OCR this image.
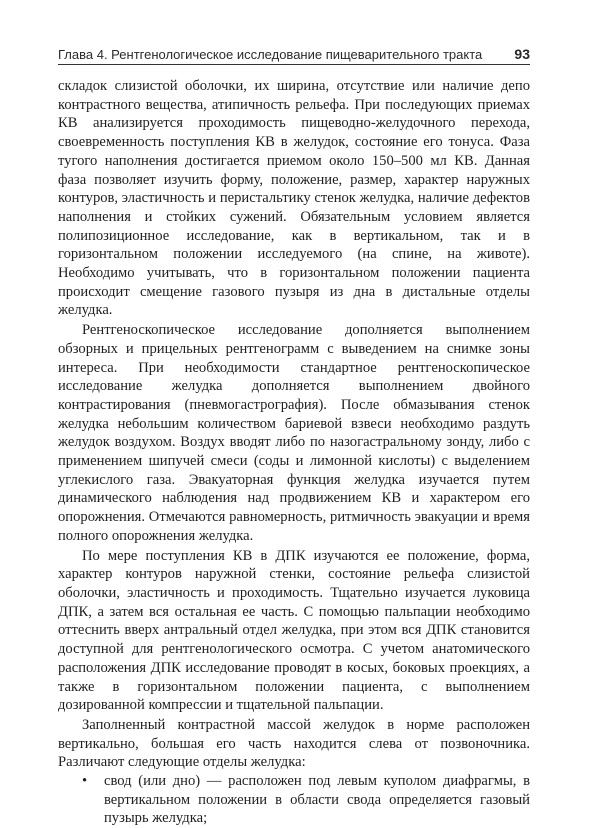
Глава 4. Рентгенологическое исследование пищеварительного тракта 93

складок слизистой оболочки, их ширина, отсутствие или наличие депо контрастного вещества, атипичность рельефа. При последующих приемах КВ анализируется проходимость пищеводно-желудочного перехода, своевременность поступления КВ в желудок, состояние его тонуса. Фаза тугого наполнения достигается приемом около 150–500 мл КВ. Данная фаза позволяет изучить форму, положение, размер, характер наружных контуров, эластичность и перистальтику стенок желудка, наличие дефектов наполнения и стойких сужений. Обязательным условием является полипозиционное исследование, как в вертикальном, так и в горизонтальном положении исследуемого (на спине, на животе). Необходимо учитывать, что в горизонтальном положении пациента происходит смещение газового пузыря из дна в дистальные отделы желудка.

Рентгеноскопическое исследование дополняется выполнением обзорных и прицельных рентгенограмм с выведением на снимке зоны интереса. При необходимости стандартное рентгеноскопическое исследование желудка дополняется выполнением двойного контрастирования (пневмогастрография). После обмазывания стенок желудка небольшим количеством бариевой взвеси необходимо раздуть желудок воздухом. Воздух вводят либо по назогастральному зонду, либо с применением шипучей смеси (соды и лимонной кислоты) с выделением углекислого газа. Эвакуаторная функция желудка изучается путем динамического наблюдения над продвижением КВ и характером его опорожнения. Отмечаются равномерность, ритмичность эвакуации и время полного опорожнения желудка.

По мере поступления КВ в ДПК изучаются ее положение, форма, характер контуров наружной стенки, состояние рельефа слизистой оболочки, эластичность и проходимость. Тщательно изучается луковица ДПК, а затем вся остальная ее часть. С помощью пальпации необходимо оттеснить вверх антральный отдел желудка, при этом вся ДПК становится доступной для рентгенологического осмотра. С учетом анатомического расположения ДПК исследование проводят в косых, боковых проекциях, а также в горизонтальном положении пациента, с выполнением дозированной компрессии и тщательной пальпации.

Заполненный контрастной массой желудок в норме расположен вертикально, большая его часть находится слева от позвоночника. Различают следующие отделы желудка:

•	свод (или дно) — расположен под левым куполом диафрагмы, в вертикальном положении в области свода определяется газовый пузырь желудка;
